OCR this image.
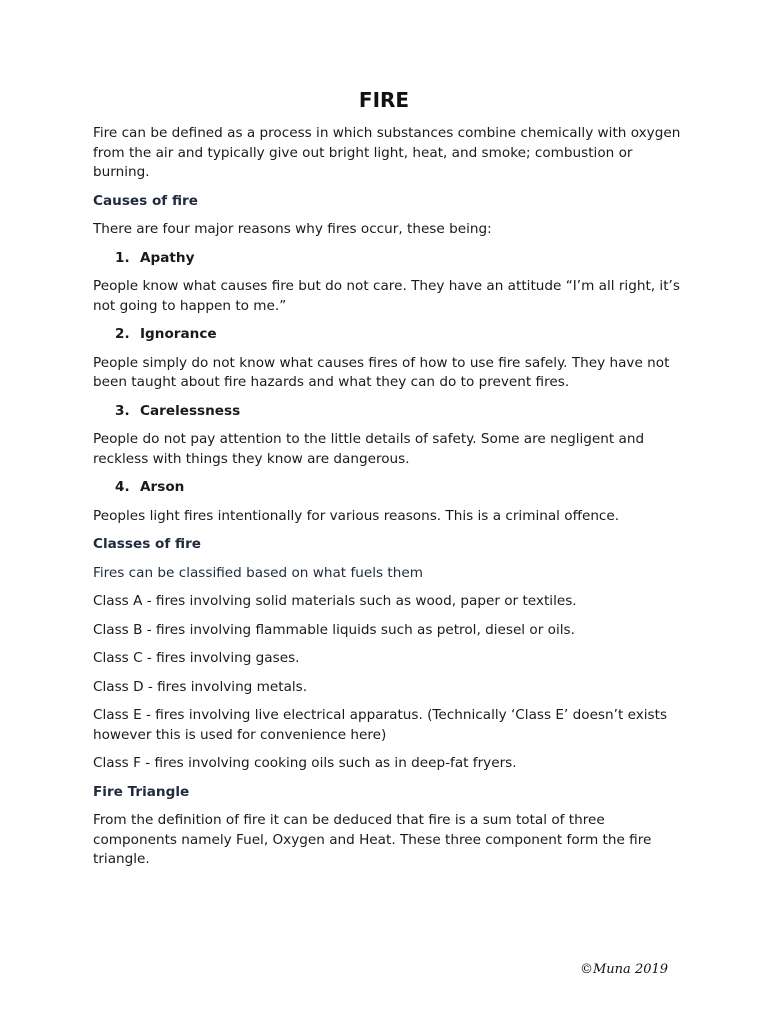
FIRE

Fire can be defined as a process in which substances combine chemically with oxygen from the air and typically give out bright light, heat, and smoke; combustion or burning.

Causes of fire

There are four major reasons why fires occur, these being:

1. Apathy

People know what causes fire but do not care. They have an attitude “I’m all right, it’s not going to happen to me.”

2. Ignorance

People simply do not know what causes fires of how to use fire safely. They have not been taught about fire hazards and what they can do to prevent fires.

3. Carelessness

People do not pay attention to the little details of safety. Some are negligent and reckless with things they know are dangerous.

4. Arson

Peoples light fires intentionally for various reasons. This is a criminal offence.

Classes of fire

Fires can be classified based on what fuels them

Class A - fires involving solid materials such as wood, paper or textiles.

Class B - fires involving flammable liquids such as petrol, diesel or oils.

Class C - fires involving gases.

Class D - fires involving metals.

Class E - fires involving live electrical apparatus. (Technically ‘Class E’ doesn’t exists however this is used for convenience here)

Class F - fires involving cooking oils such as in deep-fat fryers.

Fire Triangle

From the definition of fire it can be deduced that fire is a sum total of three components namely Fuel, Oxygen and Heat. These three component form the fire triangle.

©Muna 2019
